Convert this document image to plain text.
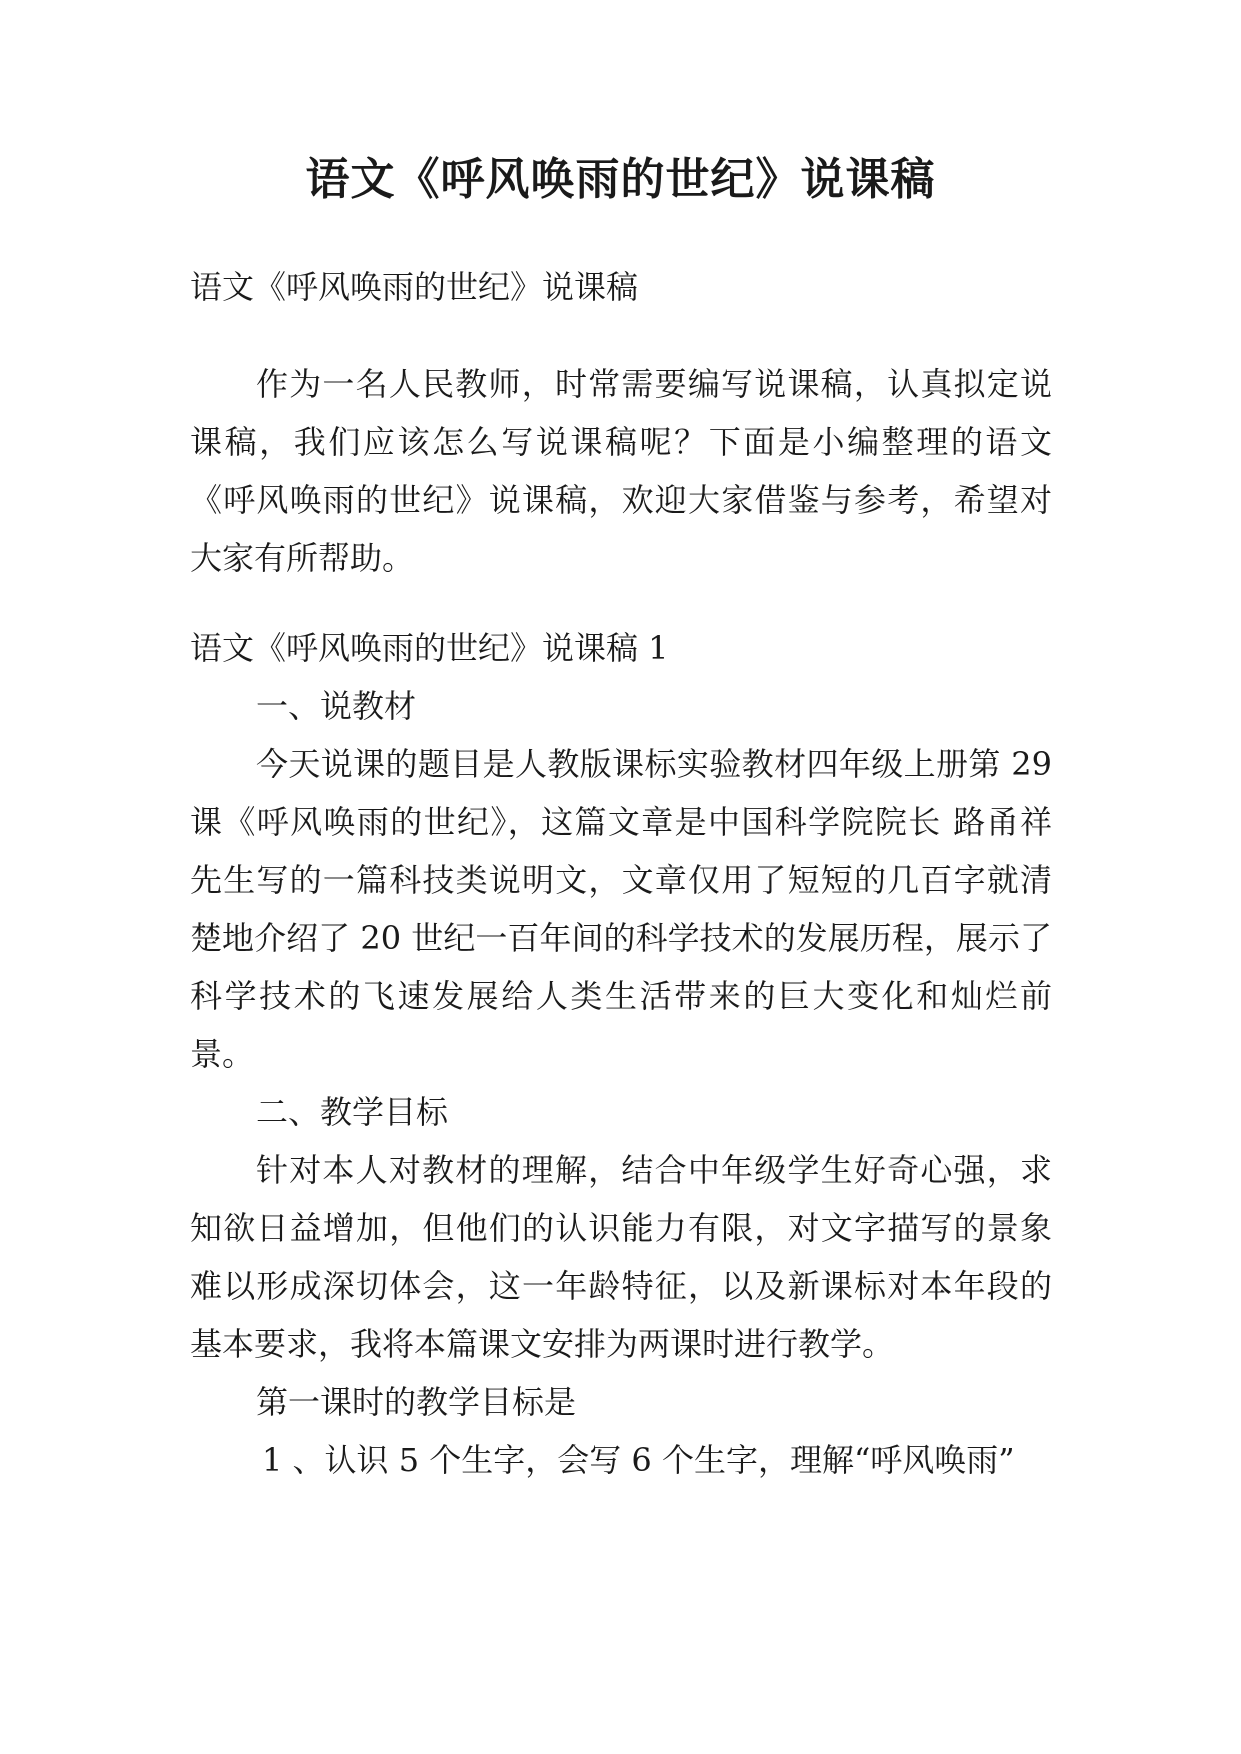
语文《呼风唤雨的世纪》说课稿

语文《呼风唤雨的世纪》说课稿

作为一名人民教师，时常需要编写说课稿，认真拟定说课稿，我们应该怎么写说课稿呢？下面是小编整理的语文《呼风唤雨的世纪》说课稿，欢迎大家借鉴与参考，希望对大家有所帮助。

语文《呼风唤雨的世纪》说课稿 1

一、说教材

今天说课的题目是人教版课标实验教材四年级上册第 29 课《呼风唤雨的世纪》，这篇文章是中国科学院院长 路甬祥 先生写的一篇科技类说明文，文章仅用了短短的几百字就清楚地介绍了 20 世纪一百年间的科学技术的发展历程，展示了科学技术的飞速发展给人类生活带来的巨大变化和灿烂前景。

二、教学目标

针对本人对教材的理解，结合中年级学生好奇心强，求知欲日益增加，但他们的认识能力有限，对文字描写的景象难以形成深切体会，这一年龄特征，以及新课标对本年段的基本要求，我将本篇课文安排为两课时进行教学。

第一课时的教学目标是

1 、认识 5 个生字，会写 6 个生字，理解“呼风唤雨”
